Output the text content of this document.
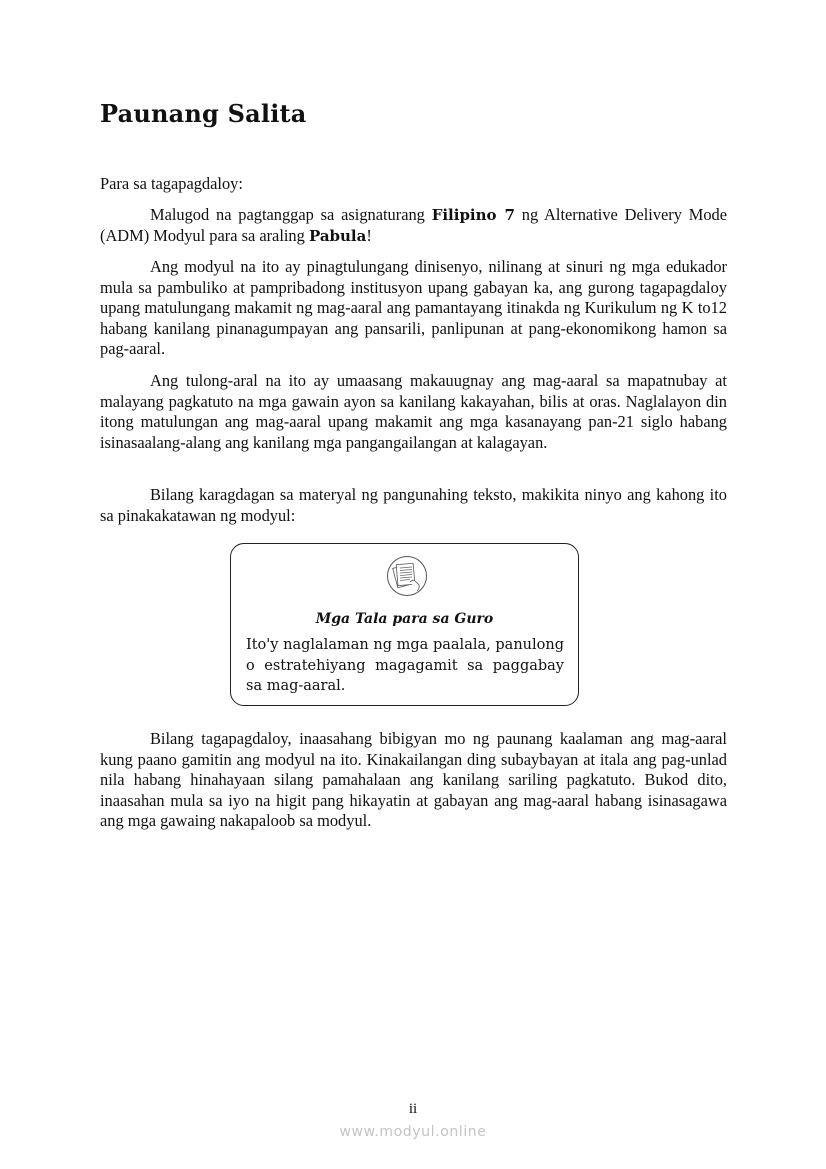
Paunang Salita

Para sa tagapagdaloy:

Malugod na pagtanggap sa asignaturang Filipino 7 ng Alternative Delivery Mode (ADM) Modyul para sa araling Pabula!

Ang modyul na ito ay pinagtulungang dinisenyo, nilinang at sinuri ng mga edukador mula sa pambuliko at pampribadong institusyon upang gabayan ka, ang gurong tagapagdaloy upang matulungang makamit ng mag-aaral ang pamantayang itinakda ng Kurikulum ng K to12 habang kanilang pinanagumpayan ang pansarili, panlipunan at pang-ekonomikong hamon sa pag-aaral.

Ang tulong-aral na ito ay umaasang makauugnay ang mag-aaral sa mapatnubay at malayang pagkatuto na mga gawain ayon sa kanilang kakayahan, bilis at oras. Naglalayon din itong matulungan ang mag-aaral upang makamit ang mga kasanayang pan-21 siglo habang isinasaalang-alang ang kanilang mga pangangailangan at kalagayan.

Bilang karagdagan sa materyal ng pangunahing teksto, makikita ninyo ang kahong ito sa pinakakatawan ng modyul:

Mga Tala para sa Guro
Ito'y naglalaman ng mga paalala, panulong o estratehiyang magagamit sa paggabay sa mag-aaral.

Bilang tagapagdaloy, inaasahang bibigyan mo ng paunang kaalaman ang mag-aaral kung paano gamitin ang modyul na ito. Kinakailangan ding subaybayan at itala ang pag-unlad nila habang hinahayaan silang pamahalaan ang kanilang sariling pagkatuto. Bukod dito, inaasahan mula sa iyo na higit pang hikayatin at gabayan ang mag-aaral habang isinasagawa ang mga gawaing nakapaloob sa modyul.

ii
www.modyul.online
